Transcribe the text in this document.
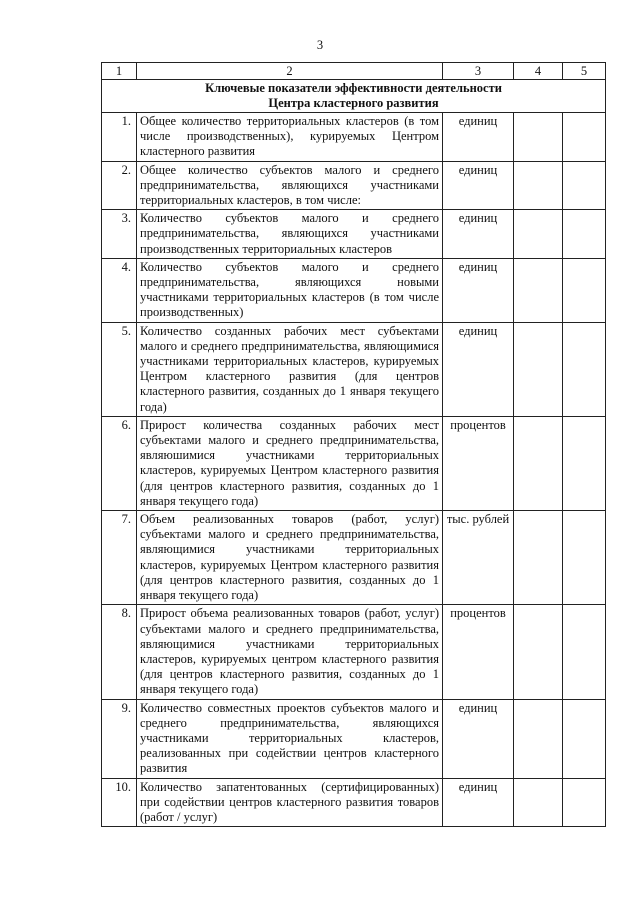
3
1	2	3	4	5

Ключевые показатели эффективности деятельности
Центра кластерного развития				

1.	Общее количество территориальных кластеров (в том числе производственных), курируемых Центром кластерного развития	единиц		
2.	Общее количество субъектов малого и среднего предпринимательства, являющихся участниками территориальных кластеров, в том числе:	единиц		
3.	Количество субъектов малого и среднего предпринимательства, являющихся участниками производственных территориальных кластеров	единиц		
4.	Количество субъектов малого и среднего предпринимательства, являющихся новыми участниками территориальных кластеров (в том числе производственных)	единиц		
5.	Количество созданных рабочих мест субъектами малого и среднего предпринимательства, являющимися участниками территориальных кластеров, курируемых Центром кластерного развития (для центров кластерного развития, созданных до 1 января текущего года)	единиц		
6.	Прирост количества созданных рабочих мест субъектами малого и среднего предпринимательства, являюшимися участниками территориальных кластеров, курируемых Центром кластерного развития (для центров кластерного развития, созданных до 1 января текущего года)	процентов		
7.	Объем реализованных товаров (работ, услуг) субъектами малого и среднего предпринимательства, являющимися участниками территориальных кластеров, курируемых Центром кластерного развития (для центров кластерного развития, созданных до 1 января текущего года)	тыс. рублей		
8.	Прирост объема реализованных товаров (работ, услуг) субъектами малого и среднего предпринимательства, являющимися участниками территориальных кластеров, курируемых центром кластерного развития (для центров кластерного развития, созданных до 1 января текущего года)	процентов		
9.	Количество совместных проектов субъектов малого и среднего предпринимательства, являющихся участниками территориальных кластеров, реализованных при содействии центров кластерного развития	единиц		
10.	Количество запатентованных (сертифицированных) при содействии центров кластерного развития товаров (работ / услуг)	единиц		
